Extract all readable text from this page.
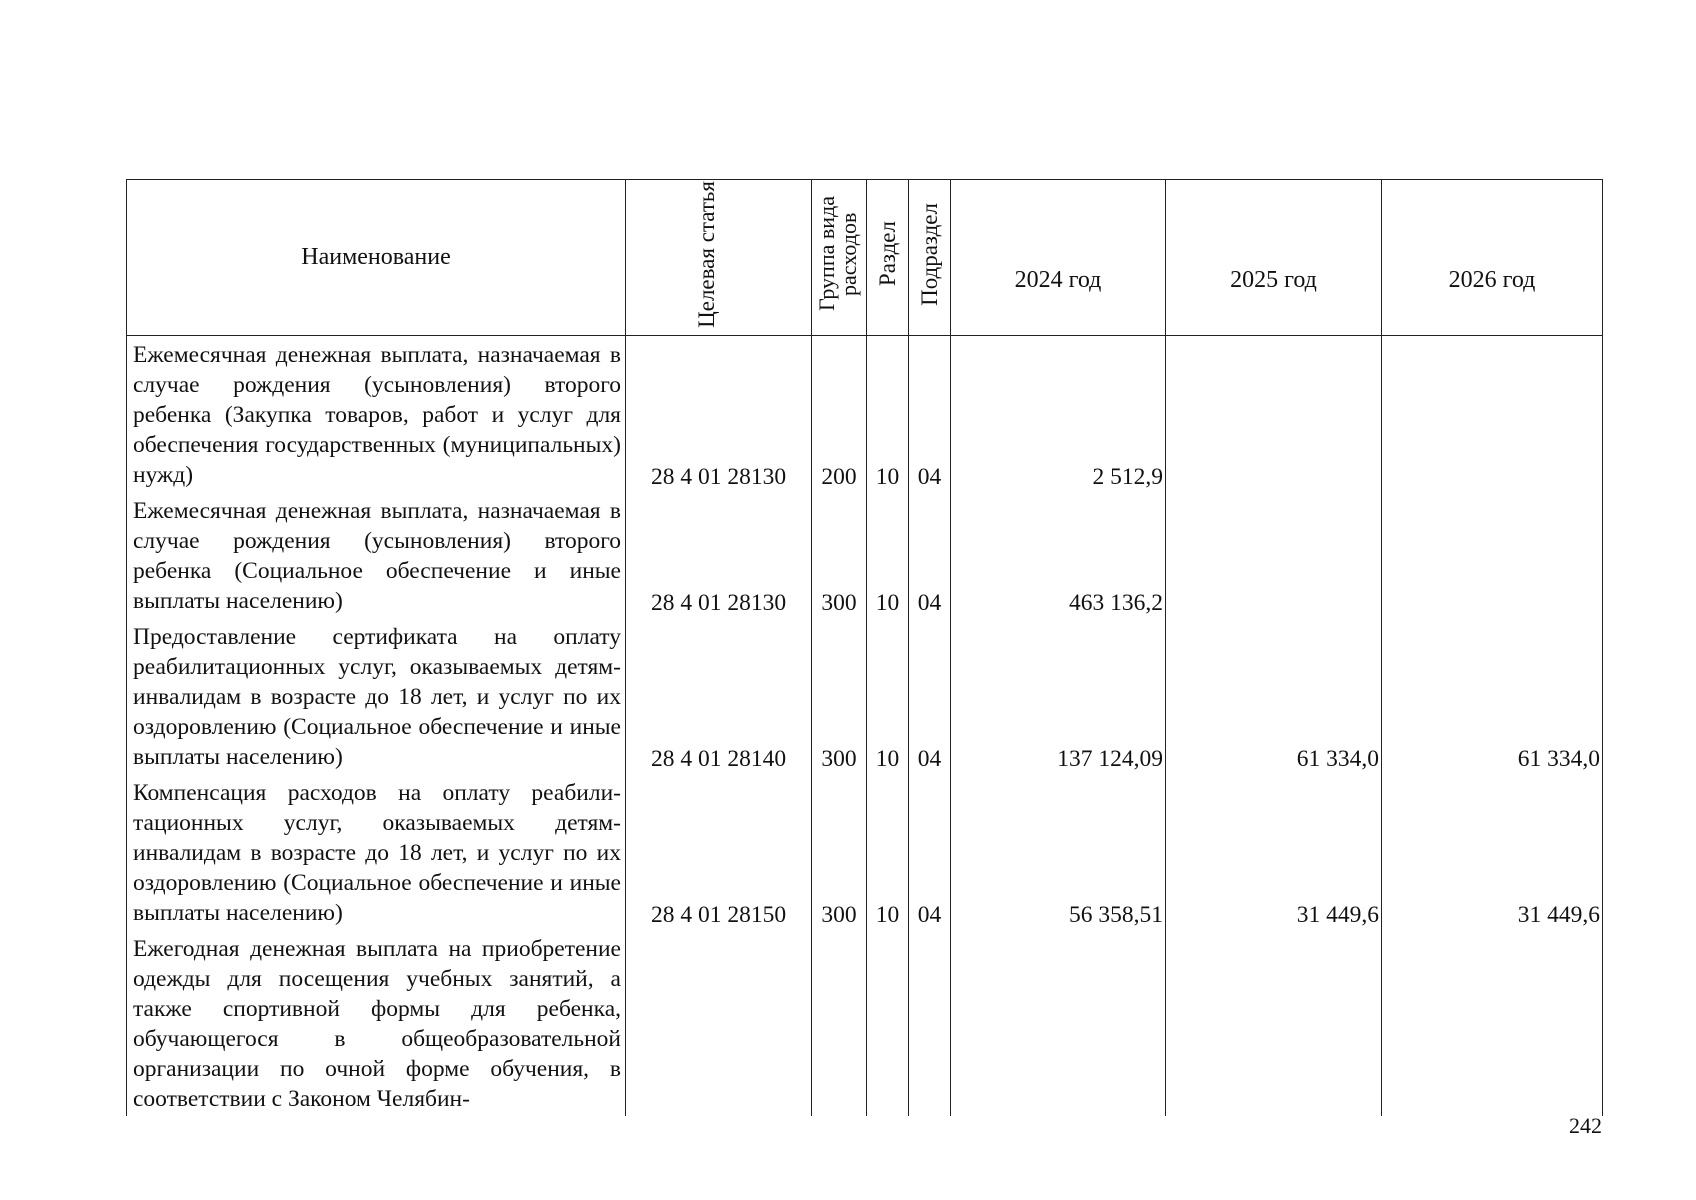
Наименование	Целевая статья	Группа вида расходов	Раздел	Подраздел	2024 год	2025 год	2026 год

Ежемесячная денежная выплата, назначаемая в случае рождения (усыновления) второго ребенка (Закупка товаров, работ и услуг для обеспечения государственных (муниципальных) нужд)	28 4 01 28130	200	10	04	2 512,9		
Ежемесячная денежная выплата, назначаемая в случае рождения (усыновления) второго ребенка (Социальное обеспечение и иные выплаты населению)	28 4 01 28130	300	10	04	463 136,2		
Предоставление сертификата на оплату реабилитационных услуг, оказываемых детям-инвалидам в возрасте до 18 лет, и услуг по их оздоровлению (Социальное обеспечение и иные выплаты населению)	28 4 01 28140	300	10	04	137 124,09	61 334,0	61 334,0
Компенсация расходов на оплату реабилитационных услуг, оказываемых детям-инвалидам в возрасте до 18 лет, и услуг по их оздоровлению (Социальное обеспечение и иные выплаты населению)	28 4 01 28150	300	10	04	56 358,51	31 449,6	31 449,6
Ежегодная денежная выплата на приобретение одежды для посещения учебных занятий, а также спортивной формы для ребенка, обучающегося в общеобразовательной организации по очной форме обучения, в соответствии с Законом Челябин-							
242
